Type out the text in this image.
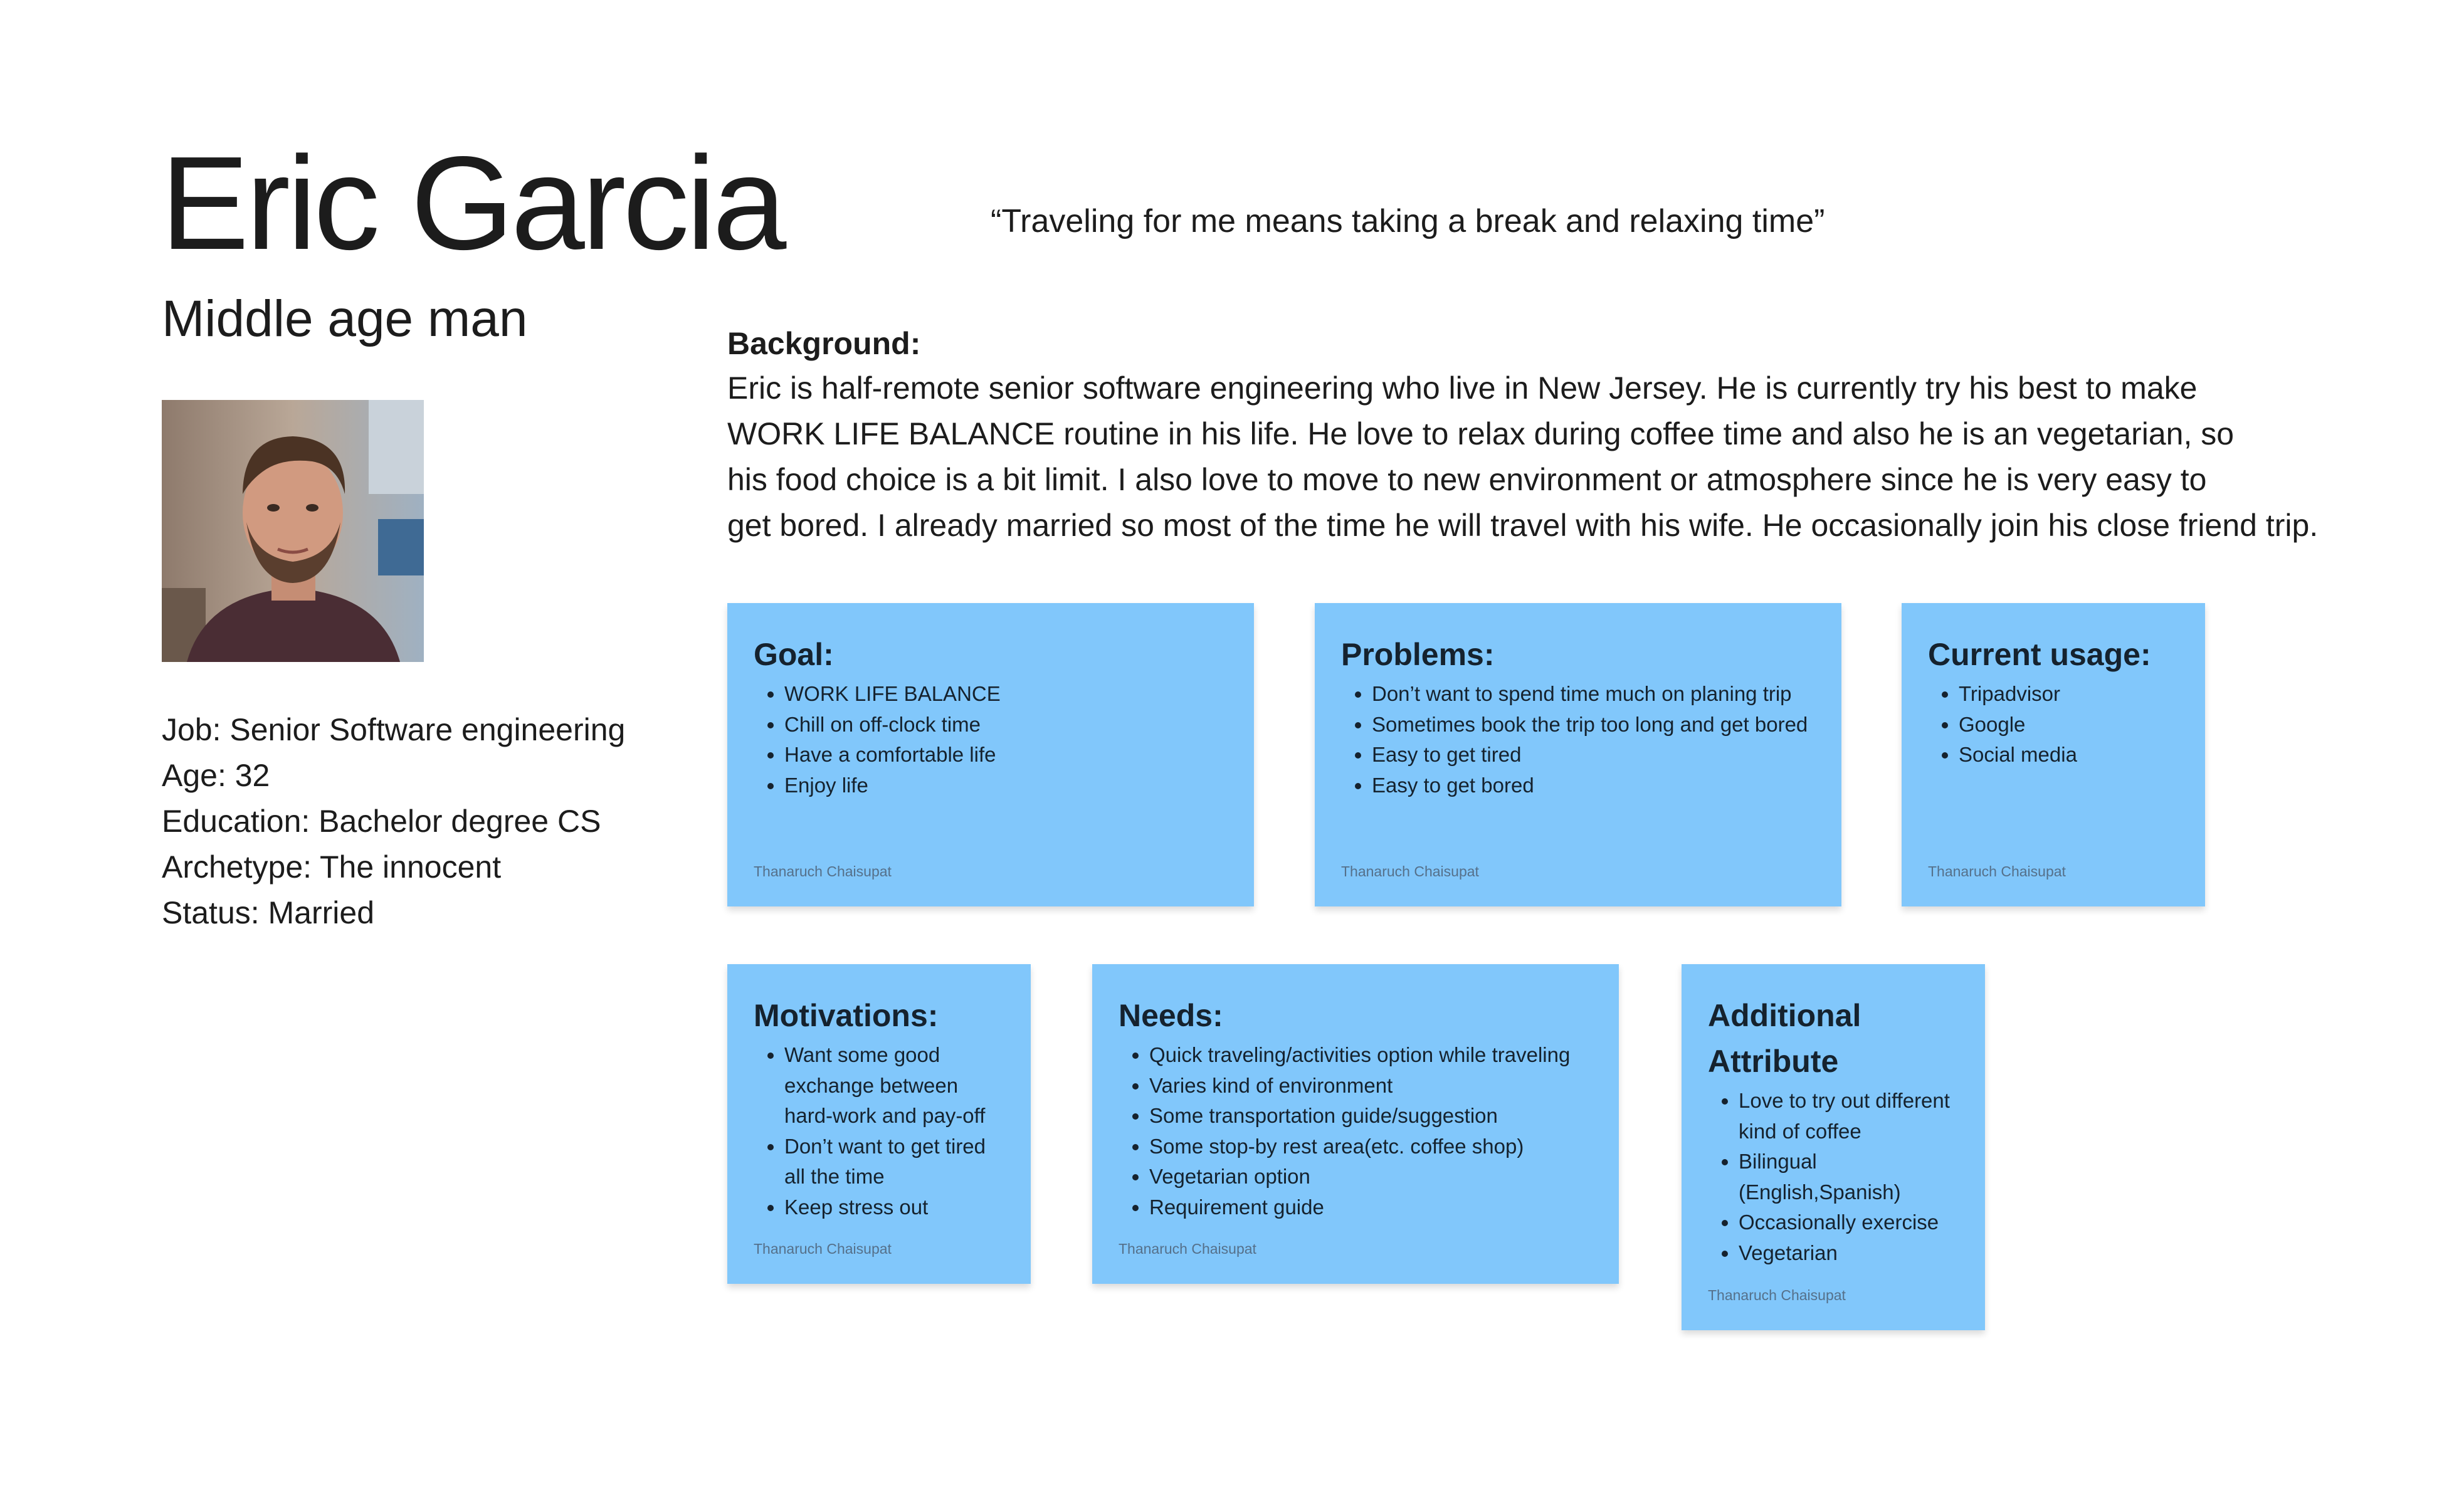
Eric Garcia
Middle age man
“Traveling for me means taking a break and relaxing time”
Job: Senior Software engineering
Age: 32
Education: Bachelor degree CS
Archetype: The innocent
Status: Married
Background:
Eric is half-remote senior software engineering who live in New Jersey. He is currently try his best to make
WORK LIFE BALANCE routine in his life. He love to relax during coffee time and also he is an vegetarian, so
his food choice is a bit limit. I also love to move to new environment or atmosphere since he is very easy to
get bored. I already married so most of the time he will travel with his wife. He occasionally join his close friend trip.
Goal:
• WORK LIFE BALANCE
• Chill on off-clock time
• Have a comfortable life
• Enjoy life
Thanaruch Chaisupat
Problems:
• Don’t want to spend time much on planing trip
• Sometimes book the trip too long and get bored
• Easy to get tired
• Easy to get bored
Thanaruch Chaisupat
Current usage:
• Tripadvisor
• Google
• Social media
Thanaruch Chaisupat
Motivations:
• Want some good exchange between hard-work and pay-off
• Don’t want to get tired all the time
• Keep stress out
Thanaruch Chaisupat
Needs:
• Quick traveling/activities option while traveling
• Varies kind of environment
• Some transportation guide/suggestion
• Some stop-by rest area(etc. coffee shop)
• Vegetarian option
• Requirement guide
Thanaruch Chaisupat
Additional Attribute
• Love to try out different kind of coffee
• Bilingual (English,Spanish)
• Occasionally exercise
• Vegetarian
Thanaruch Chaisupat
